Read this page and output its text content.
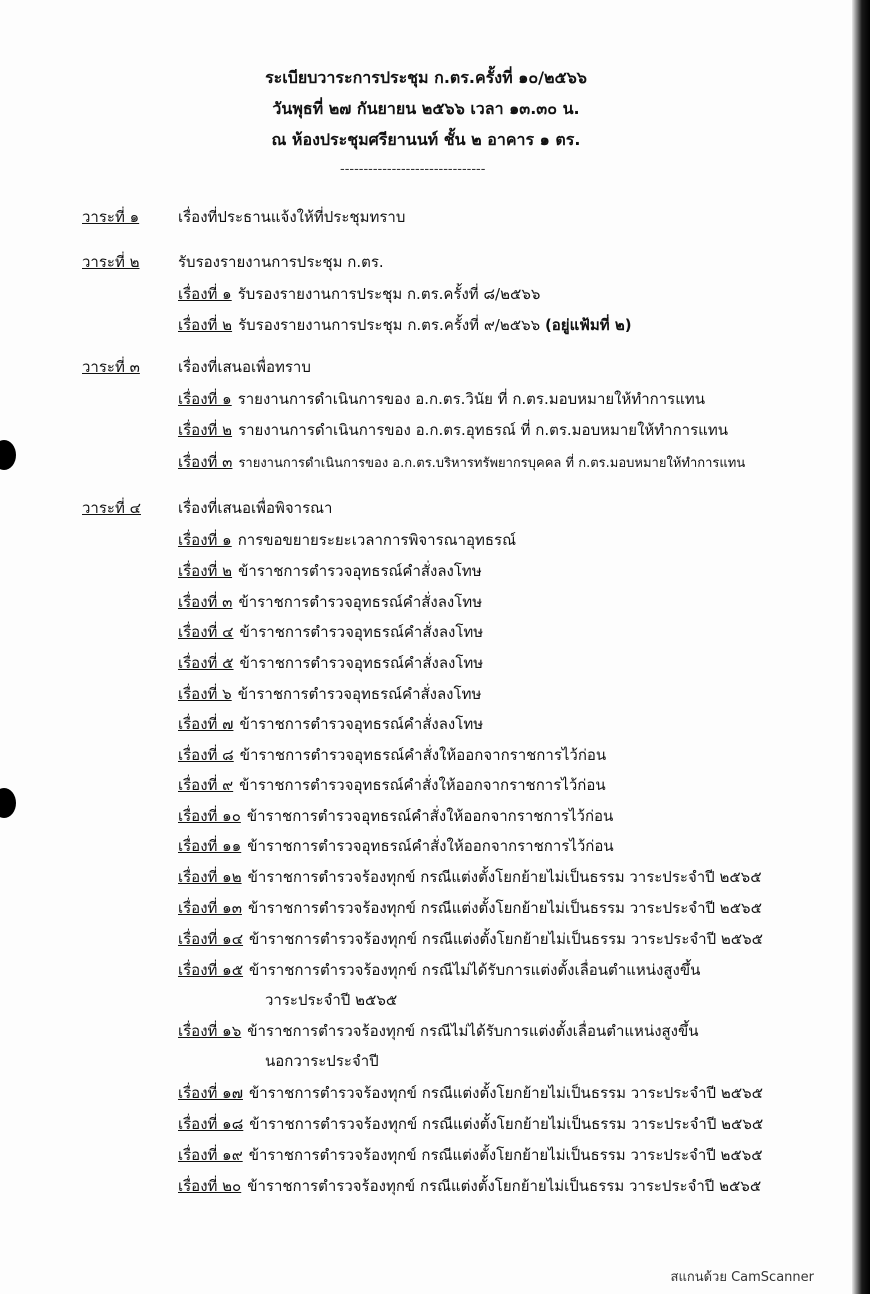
ระเบียบวาระการประชุม ก.ตร.ครั้งที่ ๑๐/๒๕๖๖
วันพุธที่ ๒๗ กันยายน ๒๕๖๖ เวลา ๑๓.๓๐ น.
ณ ห้องประชุมศรียานนท์ ชั้น ๒ อาคาร ๑ ตร.
-------------------------------
วาระที่ ๑	เรื่องที่ประธานแจ้งให้ที่ประชุมทราบ
วาระที่ ๒	รับรองรายงานการประชุม ก.ตร.
เรื่องที่ ๑ รับรองรายงานการประชุม ก.ตร.ครั้งที่ ๘/๒๕๖๖
เรื่องที่ ๒ รับรองรายงานการประชุม ก.ตร.ครั้งที่ ๙/๒๕๖๖ (อยู่แฟ้มที่ ๒)
วาระที่ ๓	เรื่องที่เสนอเพื่อทราบ
เรื่องที่ ๑ รายงานการดำเนินการของ อ.ก.ตร.วินัย ที่ ก.ตร.มอบหมายให้ทำการแทน
เรื่องที่ ๒ รายงานการดำเนินการของ อ.ก.ตร.อุทธรณ์ ที่ ก.ตร.มอบหมายให้ทำการแทน
เรื่องที่ ๓ รายงานการดำเนินการของ อ.ก.ตร.บริหารทรัพยากรบุคคล ที่ ก.ตร.มอบหมายให้ทำการแทน
วาระที่ ๔ เรื่องที่เสนอเพื่อพิจารณา
เรื่องที่ ๑ การขอขยายระยะเวลาการพิจารณาอุทธรณ์
เรื่องที่ ๒ ข้าราชการตำรวจอุทธรณ์คำสั่งลงโทษ
เรื่องที่ ๓ ข้าราชการตำรวจอุทธรณ์คำสั่งลงโทษ
เรื่องที่ ๔ ข้าราชการตำรวจอุทธรณ์คำสั่งลงโทษ
เรื่องที่ ๕ ข้าราชการตำรวจอุทธรณ์คำสั่งลงโทษ
เรื่องที่ ๖ ข้าราชการตำรวจอุทธรณ์คำสั่งลงโทษ
เรื่องที่ ๗ ข้าราชการตำรวจอุทธรณ์คำสั่งลงโทษ
เรื่องที่ ๘ ข้าราชการตำรวจอุทธรณ์คำสั่งให้ออกจากราชการไว้ก่อน
เรื่องที่ ๙ ข้าราชการตำรวจอุทธรณ์คำสั่งให้ออกจากราชการไว้ก่อน
เรื่องที่ ๑๐ ข้าราชการตำรวจอุทธรณ์คำสั่งให้ออกจากราชการไว้ก่อน
เรื่องที่ ๑๑ ข้าราชการตำรวจอุทธรณ์คำสั่งให้ออกจากราชการไว้ก่อน
เรื่องที่ ๑๒ ข้าราชการตำรวจร้องทุกข์ กรณีแต่งตั้งโยกย้ายไม่เป็นธรรม วาระประจำปี ๒๕๖๕
เรื่องที่ ๑๓ ข้าราชการตำรวจร้องทุกข์ กรณีแต่งตั้งโยกย้ายไม่เป็นธรรม วาระประจำปี ๒๕๖๕
เรื่องที่ ๑๔ ข้าราชการตำรวจร้องทุกข์ กรณีแต่งตั้งโยกย้ายไม่เป็นธรรม วาระประจำปี ๒๕๖๕
เรื่องที่ ๑๕ ข้าราชการตำรวจร้องทุกข์ กรณีไม่ได้รับการแต่งตั้งเลื่อนตำแหน่งสูงขึ้น
วาระประจำปี ๒๕๖๕
เรื่องที่ ๑๖ ข้าราชการตำรวจร้องทุกข์ กรณีไม่ได้รับการแต่งตั้งเลื่อนตำแหน่งสูงขึ้น
นอกวาระประจำปี
เรื่องที่ ๑๗ ข้าราชการตำรวจร้องทุกข์ กรณีแต่งตั้งโยกย้ายไม่เป็นธรรม วาระประจำปี ๒๕๖๕
เรื่องที่ ๑๘ ข้าราชการตำรวจร้องทุกข์ กรณีแต่งตั้งโยกย้ายไม่เป็นธรรม วาระประจำปี ๒๕๖๕
เรื่องที่ ๑๙ ข้าราชการตำรวจร้องทุกข์ กรณีแต่งตั้งโยกย้ายไม่เป็นธรรม วาระประจำปี ๒๕๖๕
เรื่องที่ ๒๐ ข้าราชการตำรวจร้องทุกข์ กรณีแต่งตั้งโยกย้ายไม่เป็นธรรม วาระประจำปี ๒๕๖๕
สแกนด้วย CamScanner
